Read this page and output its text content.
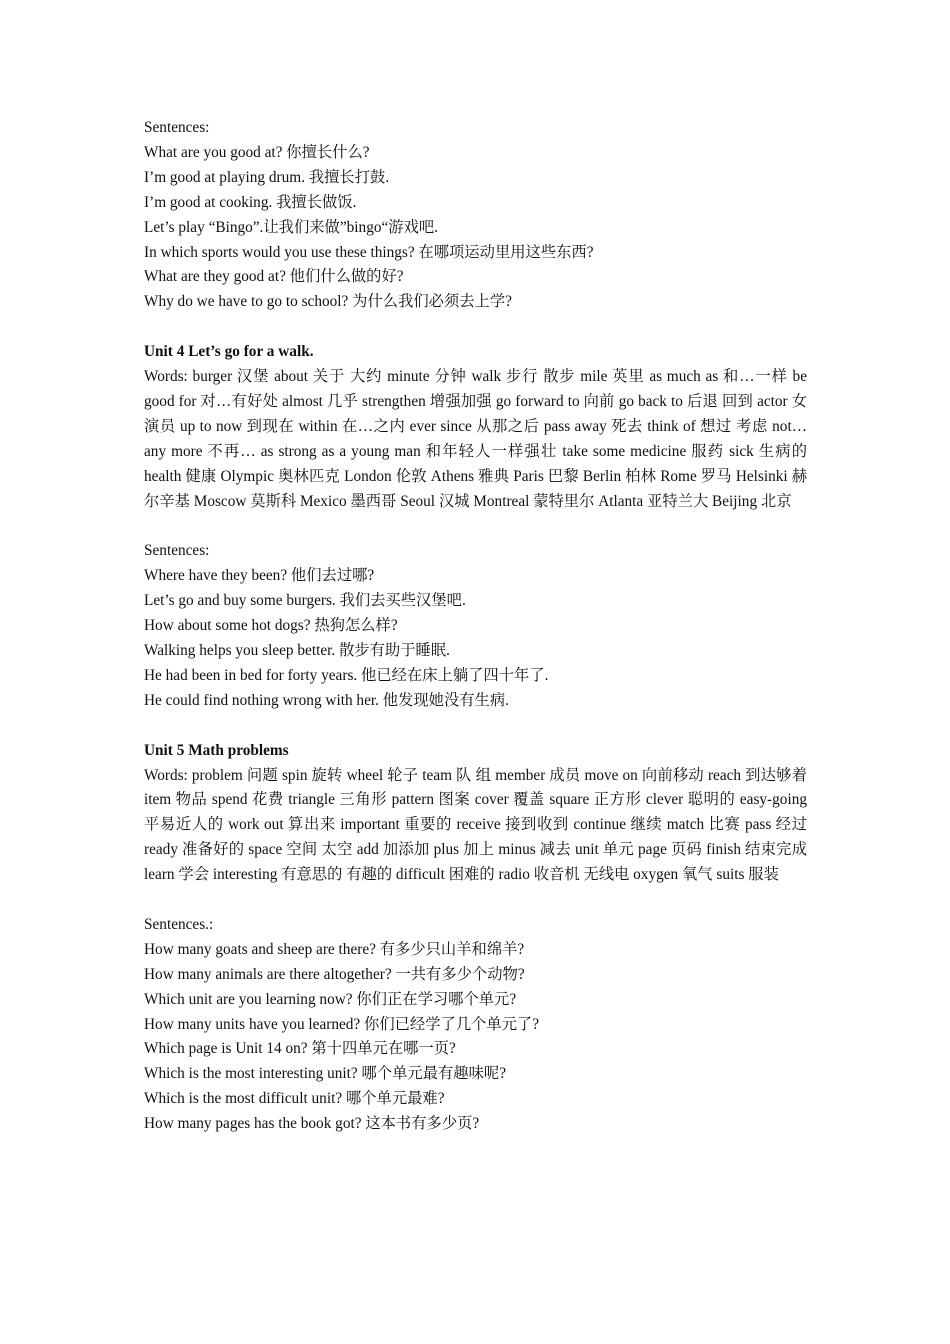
Sentences:
What are you good at? 你擅长什么?
I’m good at playing drum. 我擅长打鼓.
I’m good at cooking. 我擅长做饭.
Let’s play “Bingo”.让我们来做”bingo“游戏吧.
In which sports would you use these things? 在哪项运动里用这些东西?
What are they good at? 他们什么做的好?
Why do we have to go to school? 为什么我们必须去上学?
Unit 4 Let’s go for a walk.
Words: burger 汉堡 about 关于 大约 minute 分钟 walk 步行 散步 mile 英里 as much as 和…一样 be good for 对…有好处 almost 几乎 strengthen 增强加强 go forward to 向前 go back to 后退 回到 actor 女演员 up to now 到现在 within 在…之内 ever since 从那之后 pass away 死去 think of 想过 考虑 not…any more 不再… as strong as a young man 和年轻人一样强壮 take some medicine 服药 sick 生病的 health 健康 Olympic 奥林匹克 London 伦敦 Athens 雅典 Paris 巴黎 Berlin 柏林 Rome 罗马 Helsinki 赫尔辛基 Moscow 莫斯科 Mexico 墨西哥 Seoul 汉城 Montreal 蒙特里尔 Atlanta 亚特兰大 Beijing 北京
Sentences:
Where have they been? 他们去过哪?
Let’s go and buy some burgers. 我们去买些汉堡吧.
How about some hot dogs? 热狗怎么样?
Walking helps you sleep better. 散步有助于睡眠.
He had been in bed for forty years. 他已经在床上躺了四十年了.
He could find nothing wrong with her. 他发现她没有生病.
Unit 5 Math problems
Words: problem 问题 spin 旋转 wheel 轮子 team 队 组 member 成员 move on 向前移动 reach 到达够着 item 物品 spend 花费 triangle 三角形 pattern 图案 cover 覆盖 square 正方形 clever 聪明的 easy-going 平易近人的 work out 算出来 important 重要的 receive 接到收到 continue 继续 match 比赛 pass 经过 ready 准备好的 space 空间 太空 add 加添加 plus 加上 minus 减去 unit 单元 page 页码 finish 结束完成 learn 学会 interesting 有意思的 有趣的 difficult 困难的 radio 收音机 无线电 oxygen 氧气 suits 服装
Sentences.:
How many goats and sheep are there? 有多少只山羊和绵羊?
How many animals are there altogether? 一共有多少个动物?
Which unit are you learning now? 你们正在学习哪个单元?
How many units have you learned? 你们已经学了几个单元了?
Which page is Unit 14 on? 第十四单元在哪一页?
Which is the most interesting unit? 哪个单元最有趣味呢?
Which is the most difficult unit? 哪个单元最难?
How many pages has the book got? 这本书有多少页?
